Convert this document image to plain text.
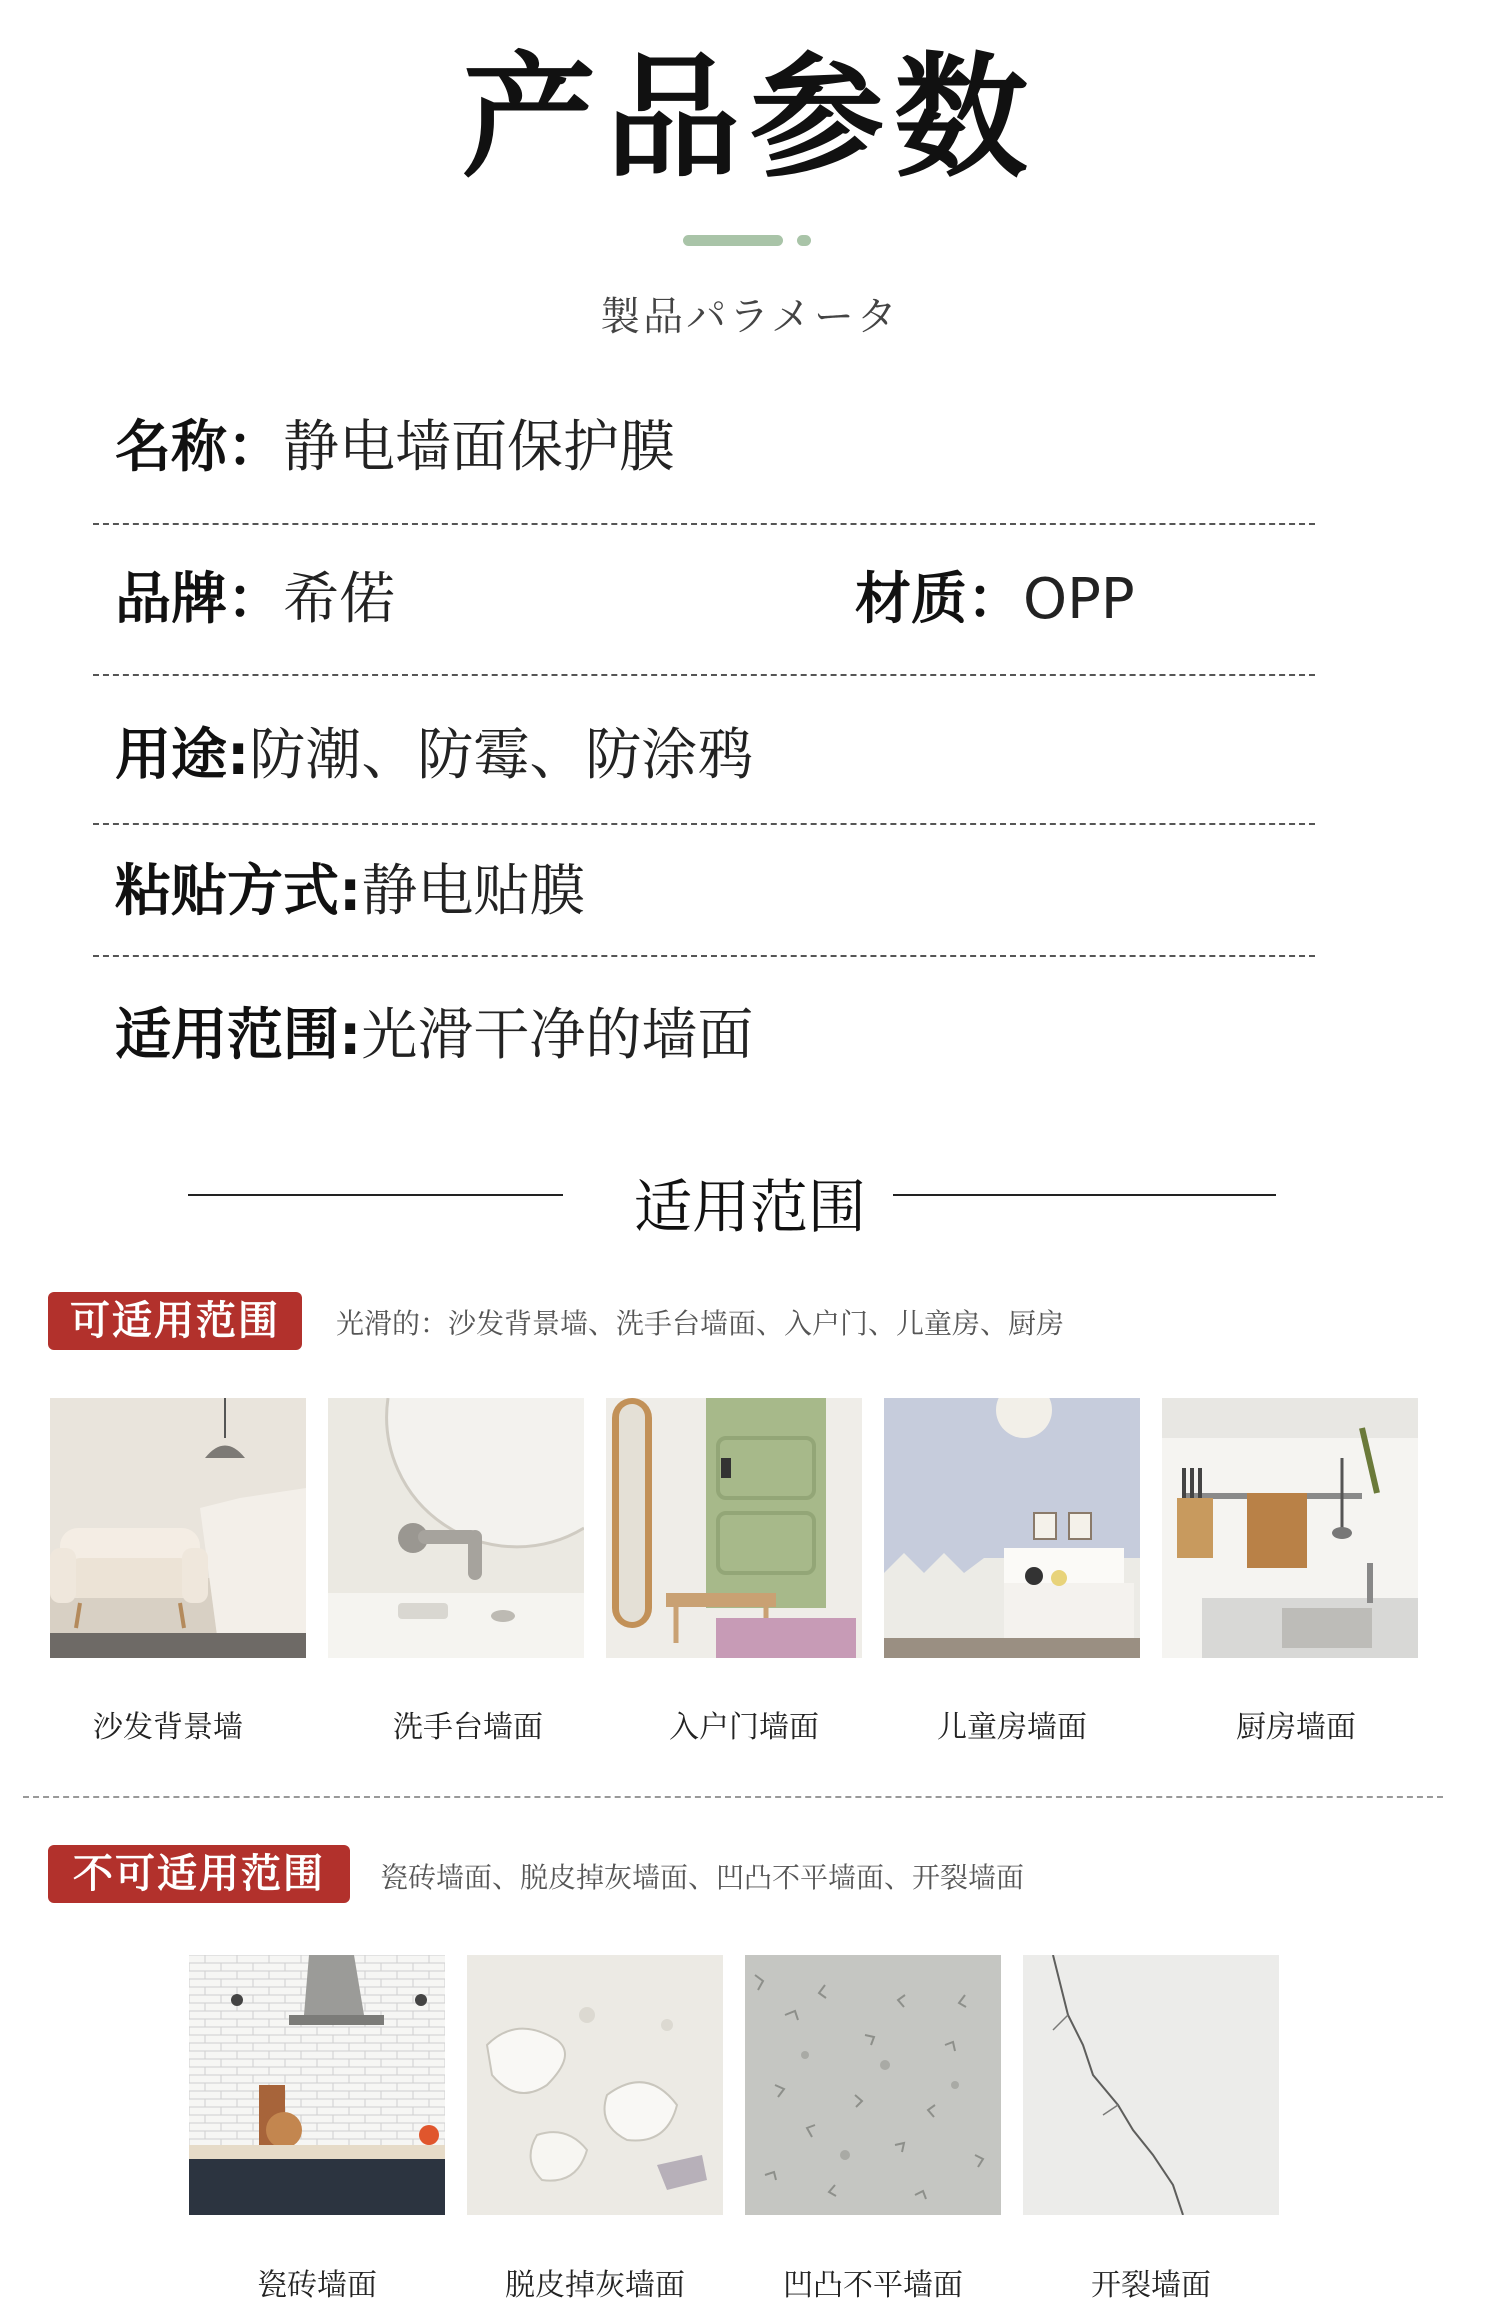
产品参数
製品パラメータ
名称：静电墙面保护膜
品牌：希偌	材质：OPP
用途:防潮、防霉、防涂鸦
粘贴方式:静电贴膜
适用范围:光滑干净的墙面
适用范围
可适用范围	光滑的：沙发背景墙、洗手台墙面、入户门、儿童房、厨房
沙发背景墙	洗手台墙面	入户门墙面	儿童房墙面	厨房墙面
不可适用范围	瓷砖墙面、脱皮掉灰墙面、凹凸不平墙面、开裂墙面
瓷砖墙面	脱皮掉灰墙面	凹凸不平墙面	开裂墙面
